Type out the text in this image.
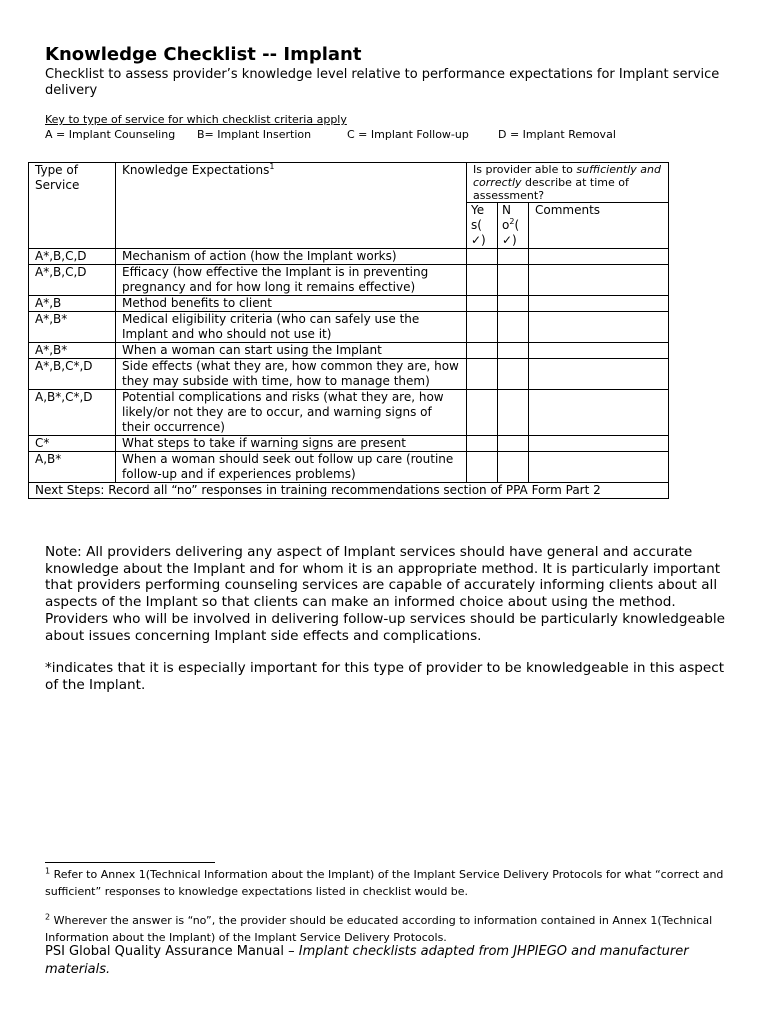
Knowledge Checklist -- Implant
Checklist to assess provider’s knowledge level relative to performance expectations for Implant service delivery
Key to type of service for which checklist criteria apply
A = Implant Counseling	B= Implant Insertion	C = Implant Follow-up	D = Implant Removal
Type of Service	Knowledge Expectations$^1$	Is provider able to sufficiently and correctly describe at time of assessment?		
		Ye s( ✓)	N $o^2$( ✓)	Comments
A*,B,C,D	Mechanism of action (how the Implant works)			
A*,B,C,D	Efficacy (how effective the Implant is in preventing pregnancy and for how long it remains effective)			
A*,B	Method benefits to client			
A*,B*	Medical eligibility criteria (who can safely use the Implant and who should not use it)			
A*,B*	When a woman can start using the Implant			
A*,B,C*,D	Side effects (what they are, how common they are, how they may subside with time, how to manage them)			
A,B*,C*,D	Potential complications and risks (what they are, how likely/or not they are to occur, and warning signs of their occurrence)			
C*	What steps to take if warning signs are present			
A,B*	When a woman should seek out follow up care (routine follow-up and if experiences problems)			
Next Steps: Record all “no” responses in training recommendations section of PPA Form Part 2				

Note: All providers delivering any aspect of Implant services should have general and accurate knowledge about the Implant and for whom it is an appropriate method. It is particularly important that providers performing counseling services are capable of accurately informing clients about all aspects of the Implant so that clients can make an informed choice about using the method. Providers who will be involved in delivering follow-up services should be particularly knowledgeable about issues concerning Implant side effects and complications.

*indicates that it is especially important for this type of provider to be knowledgeable in this aspect of the Implant.

$^1$ Refer to Annex 1(Technical Information about the Implant) of the Implant Service Delivery Protocols for what “correct and sufficient” responses to knowledge expectations listed in checklist would be.
$^2$ Wherever the answer is “no”, the provider should be educated according to information contained in Annex 1(Technical Information about the Implant) of the Implant Service Delivery Protocols.
PSI Global Quality Assurance Manual – Implant checklists adapted from JHPIEGO and manufacturer materials.
